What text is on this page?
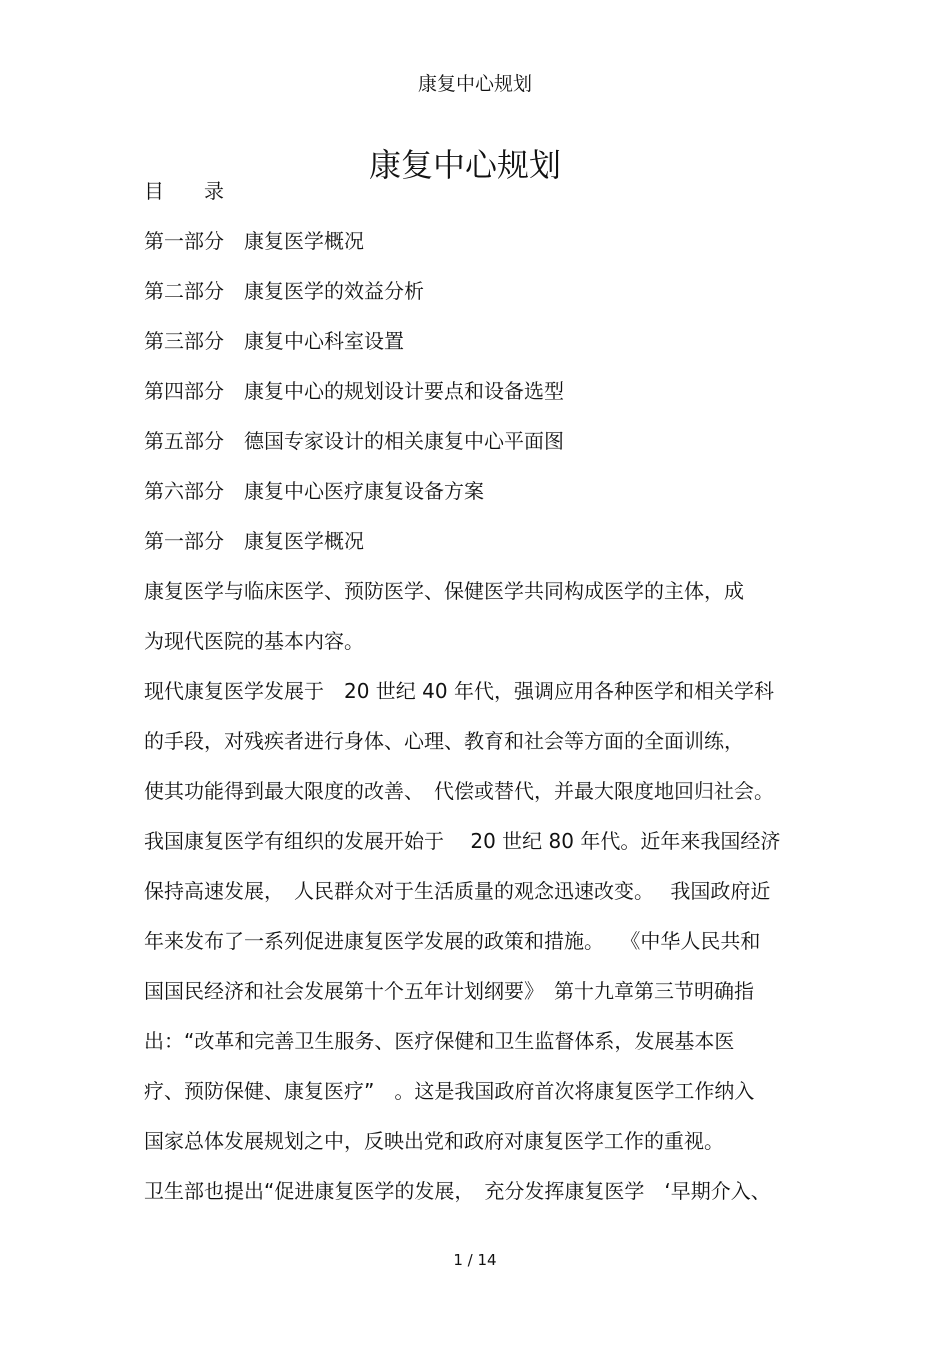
康复中心规划
康复中心规划
目　　录
第一部分　康复医学概况
第二部分　康复医学的效益分析
第三部分　康复中心科室设置
第四部分　康复中心的规划设计要点和设备选型
第五部分　德国专家设计的相关康复中心平面图
第六部分　康复中心医疗康复设备方案
第一部分　康复医学概况
康复医学与临床医学、预防医学、保健医学共同构成医学的主体，成
为现代医院的基本内容。
现代康复医学发展于　20 世纪 40 年代，强调应用各种医学和相关学科
的手段，对残疾者进行身体、心理、教育和社会等方面的全面训练，
使其功能得到最大限度的改善、　代偿或替代，并最大限度地回归社会。
我国康复医学有组织的发展开始于　 20 世纪 80 年代。近年来我国经济
保持高速发展，　人民群众对于生活质量的观念迅速改变。　 我国政府近
年来发布了一系列促进康复医学发展的政策和措施。　 《中华人民共和
国国民经济和社会发展第十个五年计划纲要》　第十九章第三节明确指
出：“改革和完善卫生服务、医疗保健和卫生监督体系，发展基本医
疗、预防保健、康复医疗”　。这是我国政府首次将康复医学工作纳入
国家总体发展规划之中，反映出党和政府对康复医学工作的重视。
卫生部也提出“促进康复医学的发展，　充分发挥康复医学　‘早期介入、
1 / 14
